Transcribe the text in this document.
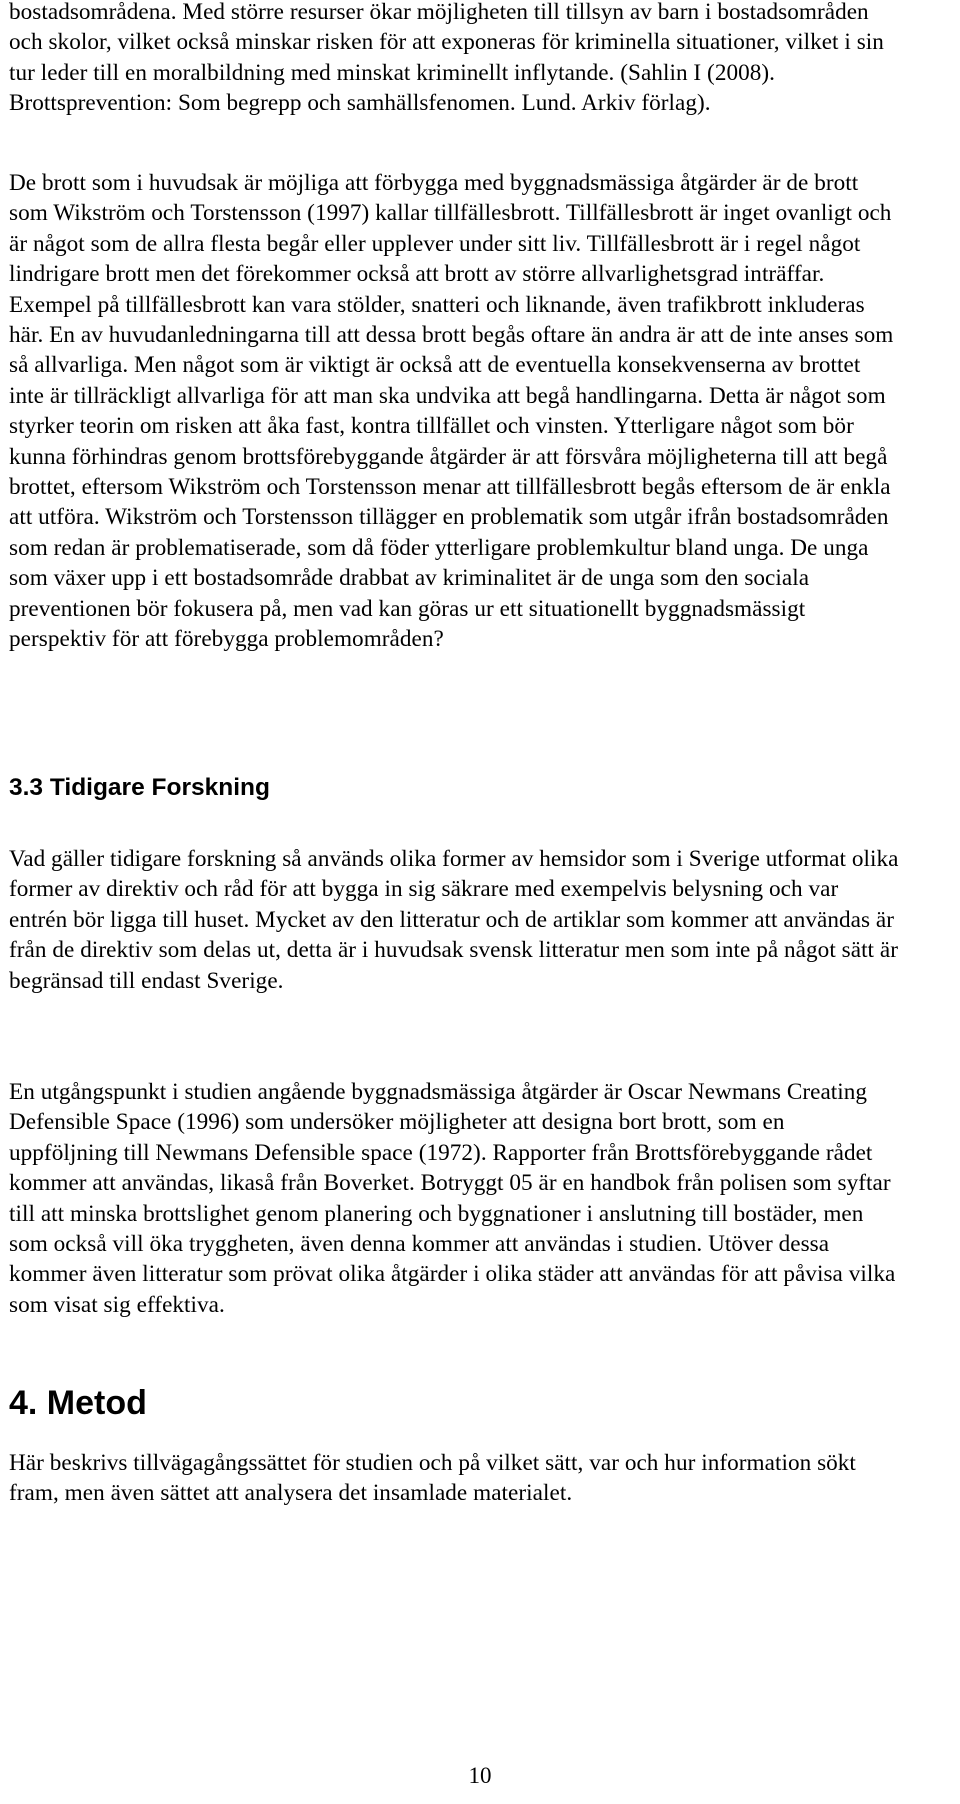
bostadsområdena. Med större resurser ökar möjligheten till tillsyn av barn i bostadsområden och skolor, vilket också minskar risken för att exponeras för kriminella situationer, vilket i sin tur leder till en moralbildning med minskat kriminellt inflytande. (Sahlin I (2008). Brottsprevention: Som begrepp och samhällsfenomen. Lund. Arkiv förlag).

De brott som i huvudsak är möjliga att förbygga med byggnadsmässiga åtgärder är de brott som Wikström och Torstensson (1997) kallar tillfällesbrott. Tillfällesbrott är inget ovanligt och är något som de allra flesta begår eller upplever under sitt liv. Tillfällesbrott är i regel något lindrigare brott men det förekommer också att brott av större allvarlighetsgrad inträffar. Exempel på tillfällesbrott kan vara stölder, snatteri och liknande, även trafikbrott inkluderas här. En av huvudanledningarna till att dessa brott begås oftare än andra är att de inte anses som så allvarliga. Men något som är viktigt är också att de eventuella konsekvenserna av brottet inte är tillräckligt allvarliga för att man ska undvika att begå handlingarna. Detta är något som styrker teorin om risken att åka fast, kontra tillfället och vinsten. Ytterligare något som bör kunna förhindras genom brottsförebyggande åtgärder är att försvåra möjligheterna till att begå brottet, eftersom Wikström och Torstensson menar att tillfällesbrott begås eftersom de är enkla att utföra. Wikström och Torstensson tillägger en problematik som utgår ifrån bostadsområden som redan är problematiserade, som då föder ytterligare problemkultur bland unga. De unga som växer upp i ett bostadsområde drabbat av kriminalitet är de unga som den sociala preventionen bör fokusera på, men vad kan göras ur ett situationellt byggnadsmässigt perspektiv för att förebygga problemområden?

3.3 Tidigare Forskning

Vad gäller tidigare forskning så används olika former av hemsidor som i Sverige utformat olika former av direktiv och råd för att bygga in sig säkrare med exempelvis belysning och var entrén bör ligga till huset. Mycket av den litteratur och de artiklar som kommer att användas är från de direktiv som delas ut, detta är i huvudsak svensk litteratur men som inte på något sätt är begränsad till endast Sverige.

En utgångspunkt i studien angående byggnadsmässiga åtgärder är Oscar Newmans Creating Defensible Space (1996) som undersöker möjligheter att designa bort brott, som en uppföljning till Newmans Defensible space (1972). Rapporter från Brottsförebyggande rådet kommer att användas, likaså från Boverket. Botryggt 05 är en handbok från polisen som syftar till att minska brottslighet genom planering och byggnationer i anslutning till bostäder, men som också vill öka tryggheten, även denna kommer att användas i studien. Utöver dessa kommer även litteratur som prövat olika åtgärder i olika städer att användas för att påvisa vilka som visat sig effektiva.

4. Metod

Här beskrivs tillvägagångssättet för studien och på vilket sätt, var och hur information sökt fram, men även sättet att analysera det insamlade materialet.

10
